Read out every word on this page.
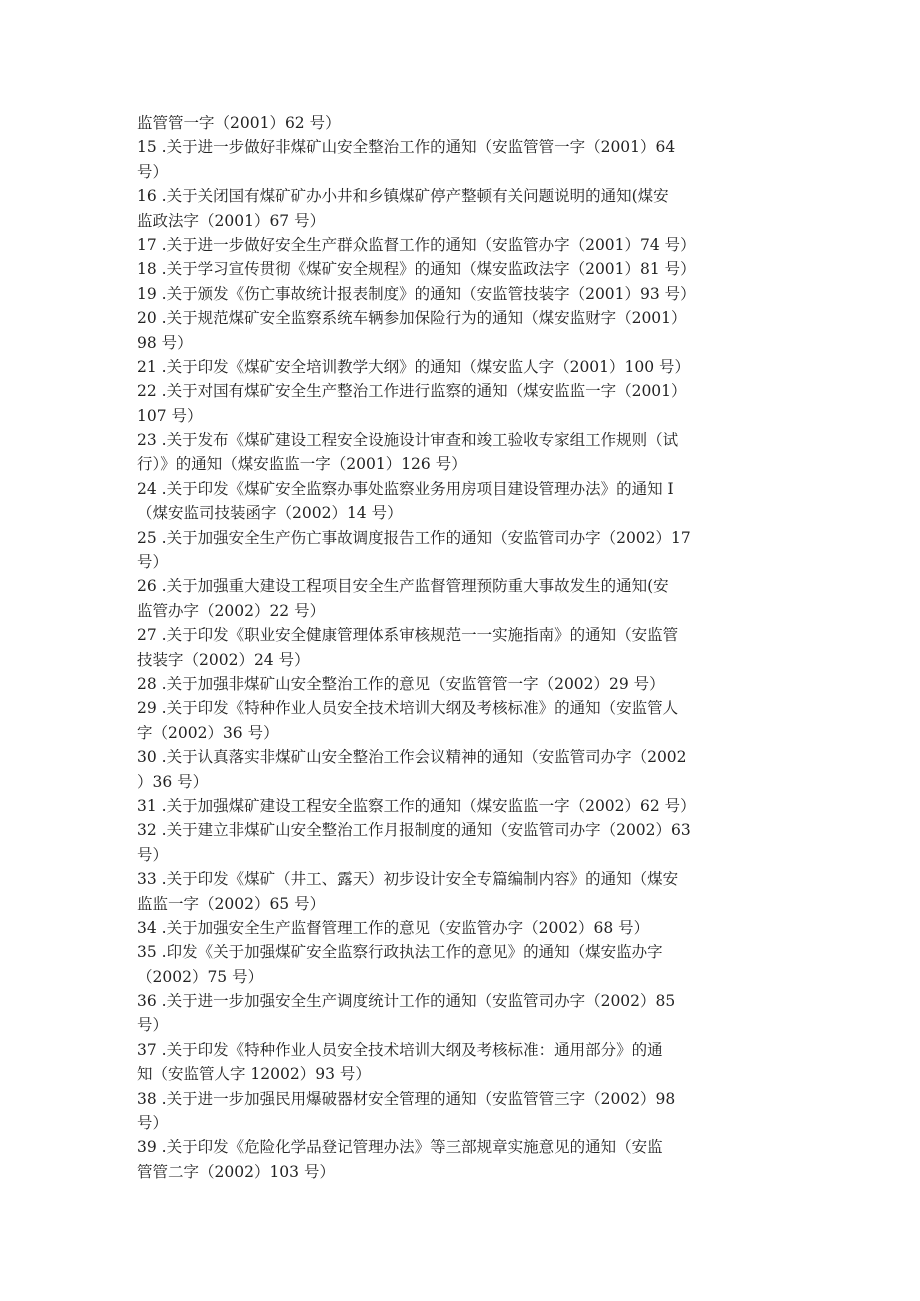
监管管一字（2001）62 号）
15 .关于进一步做好非煤矿山安全整治工作的通知（安监管管一字（2001）64
号）
16 .关于关闭国有煤矿矿办小井和乡镇煤矿停产整顿有关问题说明的通知(煤安
监政法字（2001）67 号）
17 .关于进一步做好安全生产群众监督工作的通知（安监管办字（2001）74 号）
18 .关于学习宣传贯彻《煤矿安全规程》的通知（煤安监政法字（2001）81 号）
19 .关于颁发《伤亡事故统计报表制度》的通知（安监管技装字（2001）93 号）
20 .关于规范煤矿安全监察系统车辆参加保险行为的通知（煤安监财字（2001）
98 号）
21 .关于印发《煤矿安全培训教学大纲》的通知（煤安监人字（2001）100 号）
22 .关于对国有煤矿安全生产整治工作进行监察的通知（煤安监监一字（2001）
107 号）
23 .关于发布《煤矿建设工程安全设施设计审查和竣工验收专家组工作规则（试
行）》的通知（煤安监监一字（2001）126 号）
24 .关于印发《煤矿安全监察办事处监察业务用房项目建设管理办法》的通知 I
（煤安监司技装函字（2002）14 号）
25 .关于加强安全生产伤亡事故调度报告工作的通知（安监管司办字（2002）17
号）
26 .关于加强重大建设工程项目安全生产监督管理预防重大事故发生的通知(安
监管办字（2002）22 号）
27 .关于印发《职业安全健康管理体系审核规范一一实施指南》的通知（安监管
技装字（2002）24 号）
28 .关于加强非煤矿山安全整治工作的意见（安监管管一字（2002）29 号）
29 .关于印发《特种作业人员安全技术培训大纲及考核标准》的通知（安监管人
字（2002）36 号）
30 .关于认真落实非煤矿山安全整治工作会议精神的通知（安监管司办字（2002
）36 号）
31 .关于加强煤矿建设工程安全监察工作的通知（煤安监监一字（2002）62 号）
32 .关于建立非煤矿山安全整治工作月报制度的通知（安监管司办字（2002）63
号）
33 .关于印发《煤矿（井工、露天）初步设计安全专篇编制内容》的通知（煤安
监监一字（2002）65 号）
34 .关于加强安全生产监督管理工作的意见（安监管办字（2002）68 号）
35 .印发《关于加强煤矿安全监察行政执法工作的意见》的通知（煤安监办字
（2002）75 号）
36 .关于进一步加强安全生产调度统计工作的通知（安监管司办字（2002）85
号）
37 .关于印发《特种作业人员安全技术培训大纲及考核标准：通用部分》的通
知（安监管人字 12002）93 号）
38 .关于进一步加强民用爆破器材安全管理的通知（安监管管三字（2002）98
号）
39 .关于印发《危险化学品登记管理办法》等三部规章实施意见的通知（安监
管管二字（2002）103 号）
